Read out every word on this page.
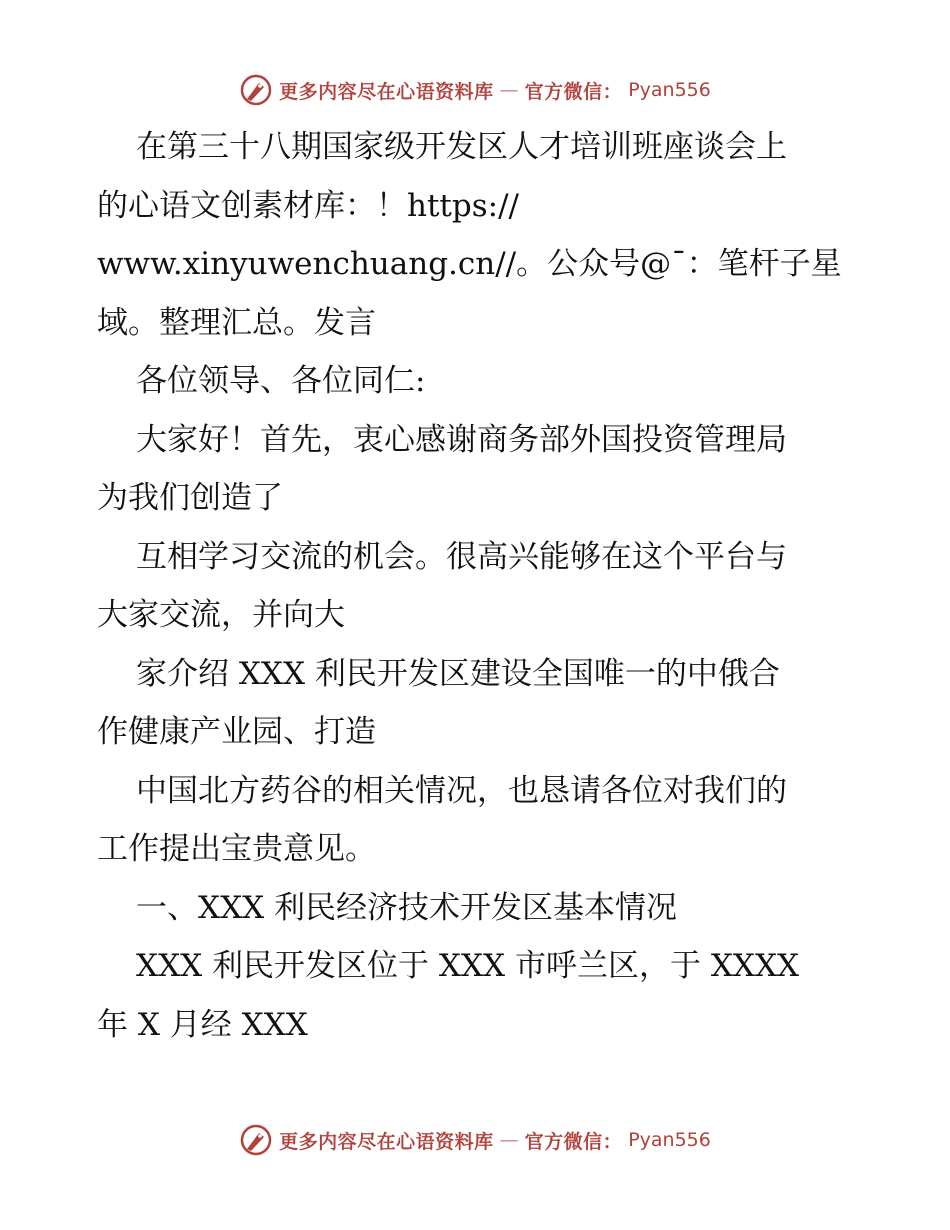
更多内容尽在心语资料库 — 官方微信： Pyan556
在第三十八期国家级开发区人才培训班座谈会上
的心语文创素材库：！https://
www.xinyuwenchuang.cn//。公众号@¯：笔杆子星
域。整理汇总。发言
各位领导、各位同仁:
大家好！首先，衷心感谢商务部外国投资管理局
为我们创造了
互相学习交流的机会。很高兴能够在这个平台与
大家交流，并向大
家介绍 XXX 利民开发区建设全国唯一的中俄合
作健康产业园、打造
中国北方药谷的相关情况，也恳请各位对我们的
工作提出宝贵意见。
一、XXX 利民经济技术开发区基本情况
XXX 利民开发区位于 XXX 市呼兰区，于 XXXX
年 X 月经 XXX
更多内容尽在心语资料库 — 官方微信： Pyan556
